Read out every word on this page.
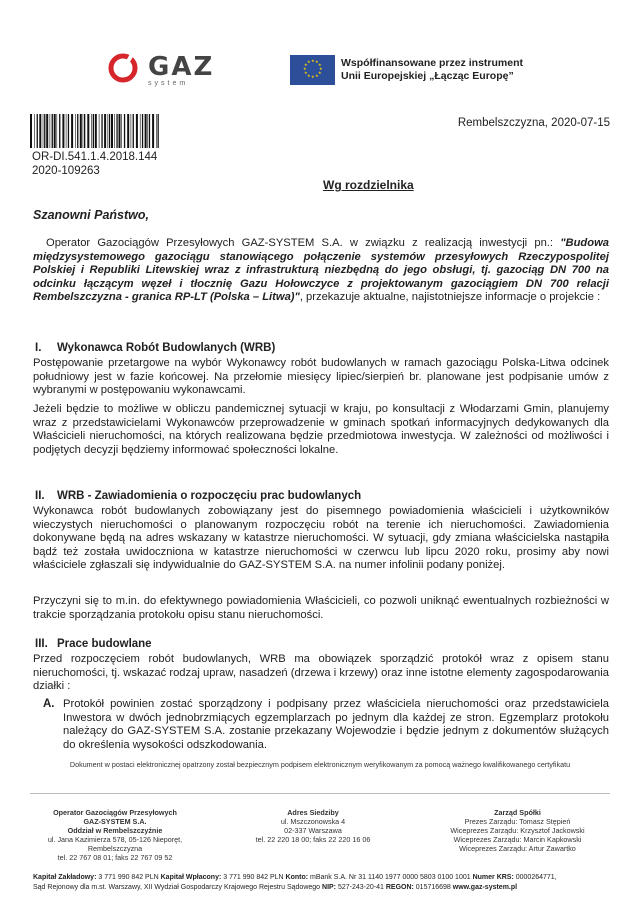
GAZ
system
★ ★
★
★
★
★
★
★
★
★
★
★	Współfinansowane przez instrument
Unii Europejskiej „Łącząc Europę”
OR-DI.541.1.4.2018.144
2020-109263
Rembelszczyzna, 2020-07-15
Wg rozdzielnika
Szanowni Państwo,
Operator Gazociągów Przesyłowych GAZ-SYSTEM S.A. w związku z realizacją inwestycji pn.: "Budowa międzysystemowego gazociągu stanowiącego połączenie systemów przesyłowych Rzeczypospolitej Polskiej i Republiki Litewskiej wraz z infrastrukturą niezbędną do jego obsługi, tj. gazociąg DN 700 na odcinku łączącym węzeł i tłocznię Gazu Hołowczyce z projektowanym gazociągiem DN 700 relacji Rembelszczyzna - granica RP-LT (Polska – Litwa)", przekazuje aktualne, najistotniejsze informacje o projekcie :
I. Wykonawca Robót Budowlanych (WRB)
Postępowanie przetargowe na wybór Wykonawcy robót budowlanych w ramach gazociągu Polska-Litwa odcinek południowy jest w fazie końcowej. Na przełomie miesięcy lipiec/sierpień br. planowane jest podpisanie umów z wybranymi w postępowaniu wykonawcami.
Jeżeli będzie to możliwe w obliczu pandemicznej sytuacji w kraju, po konsultacji z Włodarzami Gmin, planujemy wraz z przedstawicielami Wykonawców przeprowadzenie w gminach spotkań informacyjnych dedykowanych dla Właścicieli nieruchomości, na których realizowana będzie przedmiotowa inwestycja. W zależności od możliwości i podjętych decyzji będziemy informować społeczności lokalne.
II. WRB - Zawiadomienia o rozpoczęciu prac budowlanych
Wykonawca robót budowlanych zobowiązany jest do pisemnego powiadomienia właścicieli i użytkowników wieczystych nieruchomości o planowanym rozpoczęciu robót na terenie ich nieruchomości. Zawiadomienia dokonywane będą na adres wskazany w katastrze nieruchomości. W sytuacji, gdy zmiana właścicielska nastąpiła bądź też została uwidoczniona w katastrze nieruchomości w czerwcu lub lipcu 2020 roku, prosimy aby nowi właściciele zgłaszali się indywidualnie do GAZ-SYSTEM S.A. na numer infolinii podany poniżej.
Przyczyni się to m.in. do efektywnego powiadomienia Właścicieli, co pozwoli uniknąć ewentualnych rozbieżności w trakcie sporządzania protokołu opisu stanu nieruchomości.
III. Prace budowlane
Przed rozpoczęciem robót budowlanych, WRB ma obowiązek sporządzić protokół wraz z opisem stanu nieruchomości, tj. wskazać rodzaj upraw, nasadzeń (drzewa i krzewy) oraz inne istotne elementy zagospodarowania działki :
A. Protokół powinien zostać sporządzony i podpisany przez właściciela nieruchomości oraz przedstawiciela Inwestora w dwóch jednobrzmiących egzemplarzach po jednym dla każdej ze stron. Egzemplarz protokołu należący do GAZ-SYSTEM S.A. zostanie przekazany Wojewodzie i będzie jednym z dokumentów służących do określenia wysokości odszkodowania.
Dokument w postaci elektronicznej opatrzony został bezpiecznym podpisem elektronicznym weryfikowanym za pomocą ważnego kwalifikowanego certyfikatu
Operator Gazociągów Przesyłowych
GAZ-SYSTEM S.A.
Oddział w Rembelszczyźnie
ul. Jana Kazimierza 578, 05-126 Nieporęt,
Rembelszczyzna
tel. 22 767 08 01; faks 22 767 09 52
Adres Siedziby
ul. Mszczonowska 4
02-337 Warszawa
tel. 22 220 18 00; faks 22 220 16 06
Zarząd Spółki
Prezes Zarządu: Tomasz Stępień
Wiceprezes Zarządu: Krzysztof Jackowski
Wiceprezes Zarządu: Marcin Kapkowski
Wiceprezes Zarządu: Artur Zawartko
Kapitał Zakładowy: 3 771 990 842 PLN Kapitał Wpłacony: 3 771 990 842 PLN Konto: mBank S.A. Nr 31 1140 1977 0000 5803 0100 1001 Numer KRS: 0000264771,
Sąd Rejonowy dla m.st. Warszawy, XII Wydział Gospodarczy Krajowego Rejestru Sądowego NIP: 527-243-20-41 REGON: 015716698 www.gaz-system.pl
